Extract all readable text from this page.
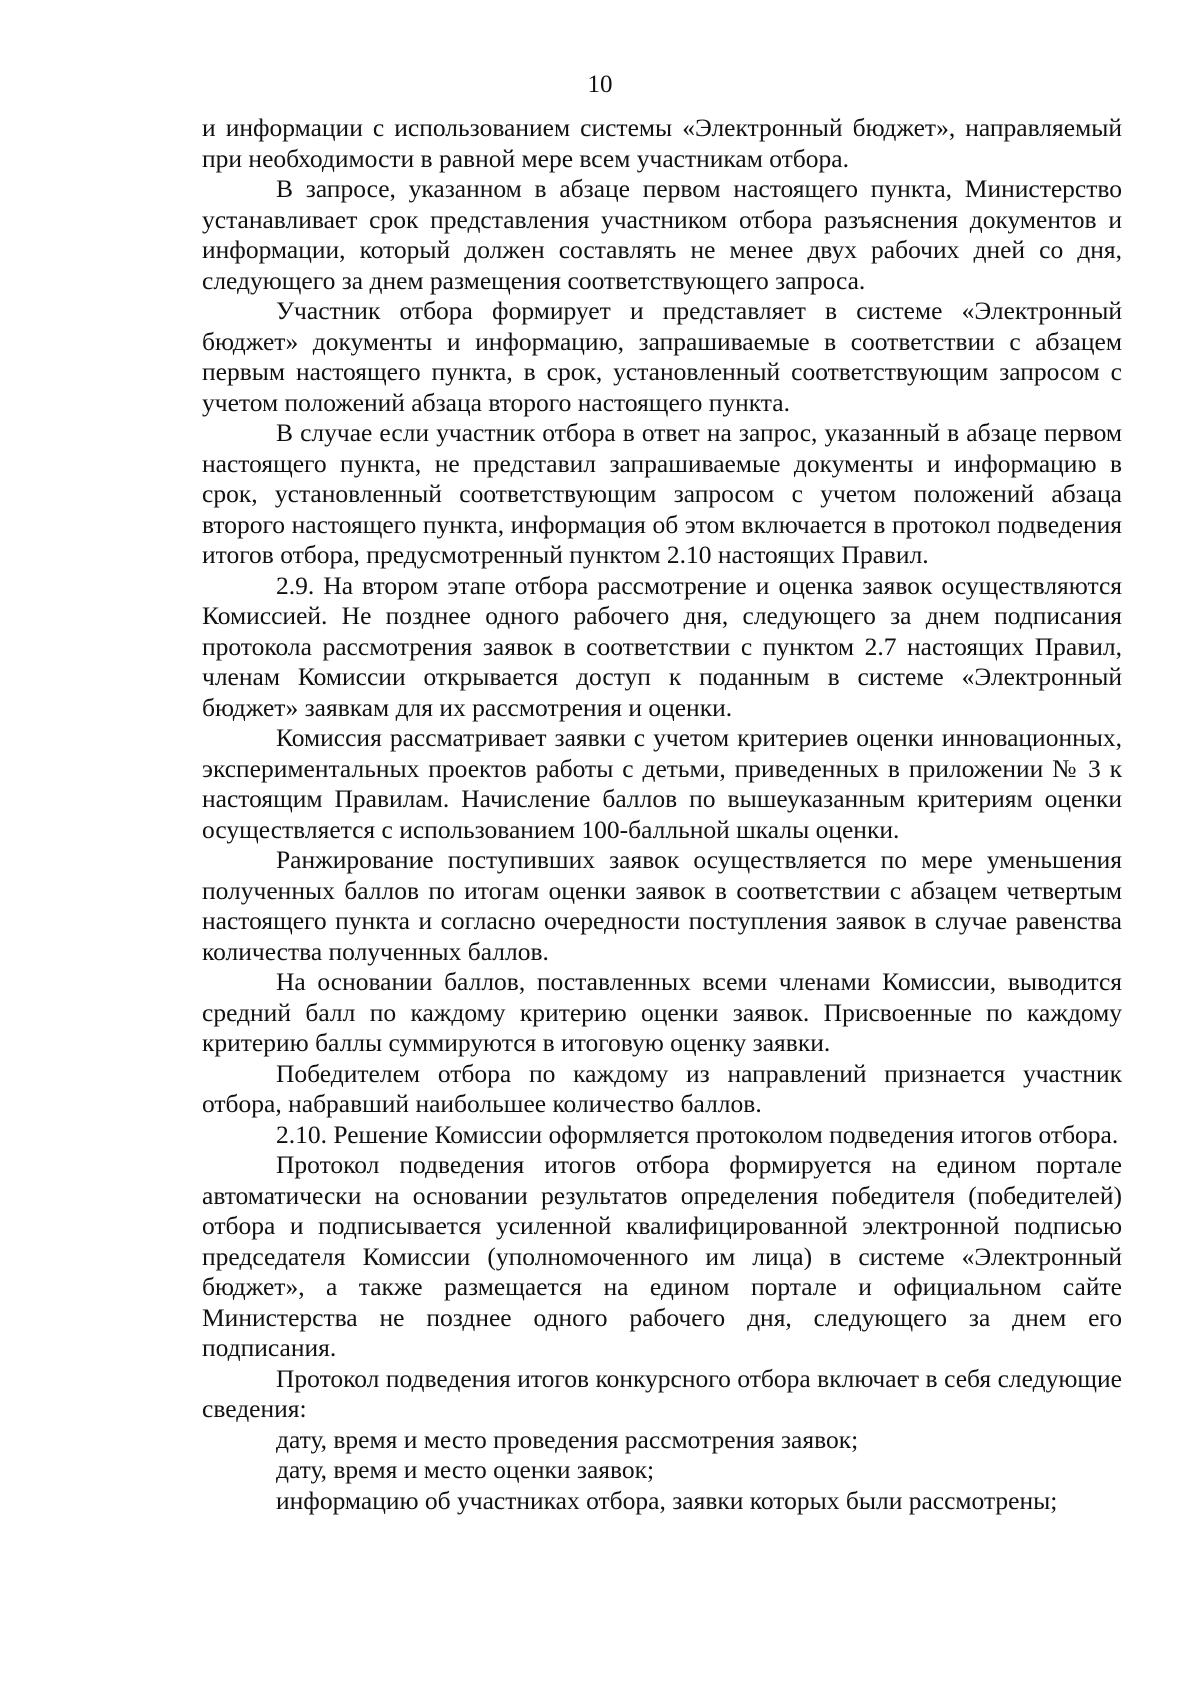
10

и информации с использованием системы «Электронный бюджет», направляемый при необходимости в равной мере всем участникам отбора.

В запросе, указанном в абзаце первом настоящего пункта, Министерство устанавливает срок представления участником отбора разъяснения документов и информации, который должен составлять не менее двух рабочих дней со дня, следующего за днем размещения соответствующего запроса.

Участник отбора формирует и представляет в системе «Электронный бюджет» документы и информацию, запрашиваемые в соответствии с абзацем первым настоящего пункта, в срок, установленный соответствующим запросом с учетом положений абзаца второго настоящего пункта.

В случае если участник отбора в ответ на запрос, указанный в абзаце первом настоящего пункта, не представил запрашиваемые документы и информацию в срок, установленный соответствующим запросом с учетом положений абзаца второго настоящего пункта, информация об этом включается в протокол подведения итогов отбора, предусмотренный пунктом 2.10 настоящих Правил.

2.9. На втором этапе отбора рассмотрение и оценка заявок осуществляются Комиссией. Не позднее одного рабочего дня, следующего за днем подписания протокола рассмотрения заявок в соответствии с пунктом 2.7 настоящих Правил, членам Комиссии открывается доступ к поданным в системе «Электронный бюджет» заявкам для их рассмотрения и оценки.

Комиссия рассматривает заявки с учетом критериев оценки инновационных, экспериментальных проектов работы с детьми, приведенных в приложении № 3 к настоящим Правилам. Начисление баллов по вышеуказанным критериям оценки осуществляется с использованием 100-балльной шкалы оценки.

Ранжирование поступивших заявок осуществляется по мере уменьшения полученных баллов по итогам оценки заявок в соответствии с абзацем четвертым настоящего пункта и согласно очередности поступления заявок в случае равенства количества полученных баллов.

На основании баллов, поставленных всеми членами Комиссии, выводится средний балл по каждому критерию оценки заявок. Присвоенные по каждому критерию баллы суммируются в итоговую оценку заявки.

Победителем отбора по каждому из направлений признается участник отбора, набравший наибольшее количество баллов.

2.10. Решение Комиссии оформляется протоколом подведения итогов отбора.

Протокол подведения итогов отбора формируется на едином портале автоматически на основании результатов определения победителя (победителей) отбора и подписывается усиленной квалифицированной электронной подписью председателя Комиссии (уполномоченного им лица) в системе «Электронный бюджет», а также размещается на едином портале и официальном сайте Министерства не позднее одного рабочего дня, следующего за днем его подписания.

Протокол подведения итогов конкурсного отбора включает в себя следующие сведения:

дату, время и место проведения рассмотрения заявок;

дату, время и место оценки заявок;

информацию об участниках отбора, заявки которых были рассмотрены;
